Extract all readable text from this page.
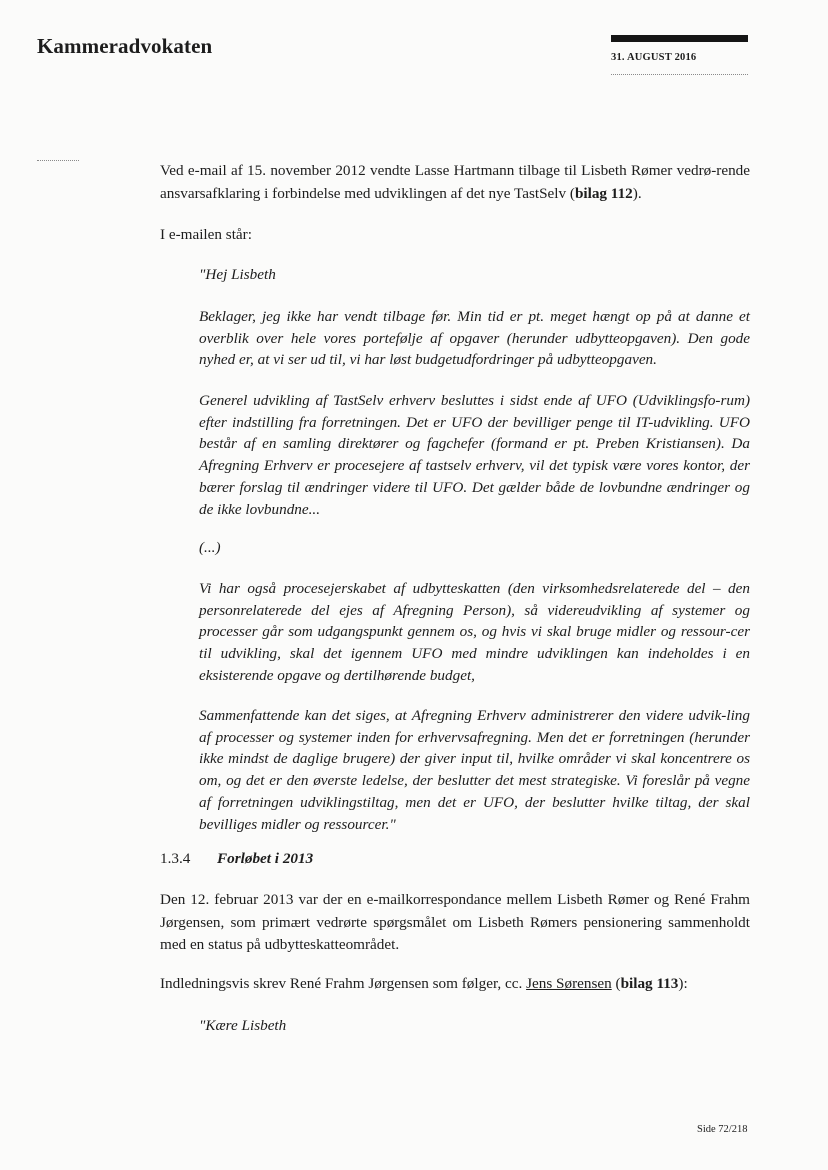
Kammeradvokaten	31. AUGUST 2016

Ved e-mail af 15. november 2012 vendte Lasse Hartmann tilbage til Lisbeth Rømer vedrø-rende ansvarsafklaring i forbindelse med udviklingen af det nye TastSelv (bilag 112).

I e-mailen står:

"Hej Lisbeth

Beklager, jeg ikke har vendt tilbage før. Min tid er pt. meget hængt op på at danne et overblik over hele vores portefølje af opgaver (herunder udbytteopgaven). Den gode nyhed er, at vi ser ud til, vi har løst budgetudfordringer på udbytteopgaven.

Generel udvikling af TastSelv erhverv besluttes i sidst ende af UFO (Udviklingsfo-rum) efter indstilling fra forretningen. Det er UFO der bevilliger penge til IT-udvikling. UFO består af en samling direktører og fagchefer (formand er pt. Preben Kristiansen). Da Afregning Erhverv er procesejere af tastselv erhverv, vil det typisk være vores kontor, der bærer forslag til ændringer videre til UFO. Det gælder både de lovbundne ændringer og de ikke lovbundne...

(...)

Vi har også procesejerskabet af udbytteskatten (den virksomhedsrelaterede del – den personrelaterede del ejes af Afregning Person), så videreudvikling af systemer og processer går som udgangspunkt gennem os, og hvis vi skal bruge midler og ressour-cer til udvikling, skal det igennem UFO med mindre udviklingen kan indeholdes i en eksisterende opgave og dertilhørende budget,

Sammenfattende kan det siges, at Afregning Erhverv administrerer den videre udvik-ling af processer og systemer inden for erhvervsafregning. Men det er forretningen (herunder ikke mindst de daglige brugere) der giver input til, hvilke områder vi skal koncentrere os om, og det er den øverste ledelse, der beslutter det mest strategiske. Vi foreslår på vegne af forretningen udviklingstiltag, men det er UFO, der beslutter hvilke tiltag, der skal bevilliges midler og ressourcer."

1.3.4 Forløbet i 2013

Den 12. februar 2013 var der en e-mailkorrespondance mellem Lisbeth Rømer og René Frahm Jørgensen, som primært vedrørte spørgsmålet om Lisbeth Rømers pensionering sammenholdt med en status på udbytteskatteområdet.

Indledningsvis skrev René Frahm Jørgensen som følger, cc. Jens Sørensen (bilag 113):

"Kære Lisbeth

Side 72/218
